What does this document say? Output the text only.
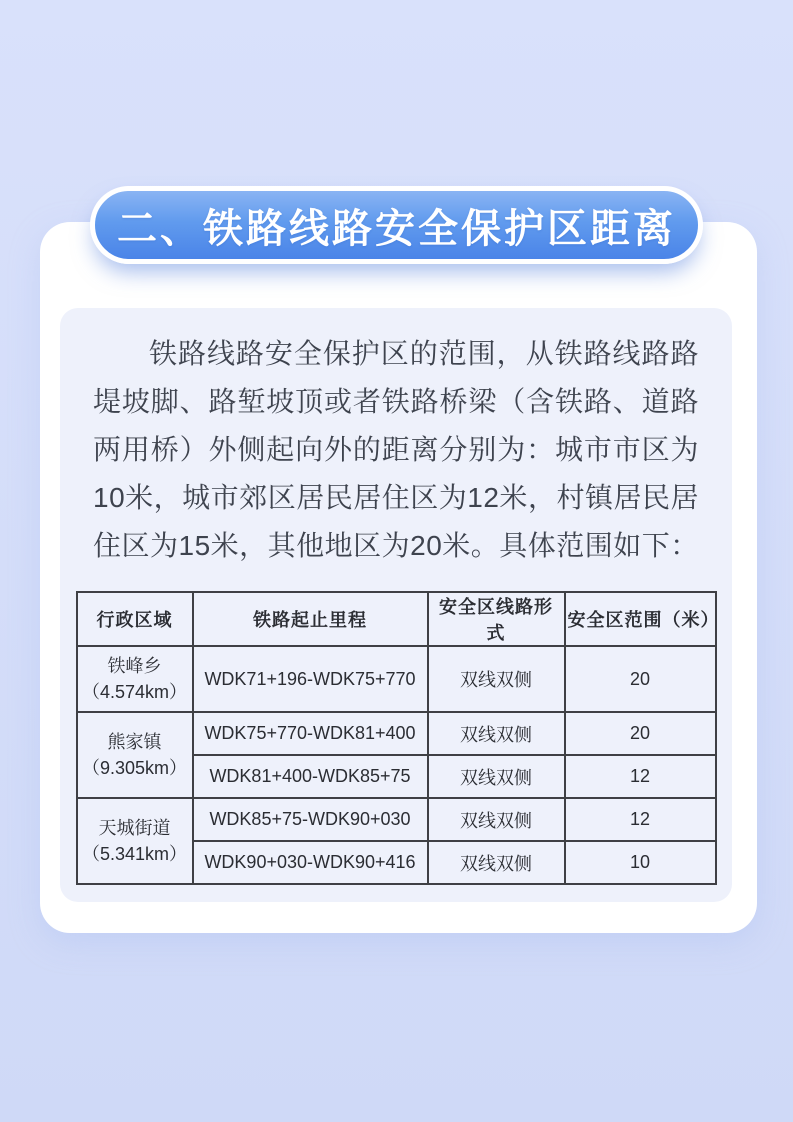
二、铁路线路安全保护区距离

铁路线路安全保护区的范围，从铁路线路路堤坡脚、路堑坡顶或者铁路桥梁（含铁路、道路两用桥）外侧起向外的距离分别为：城市市区为10米，城市郊区居民居住区为12米，村镇居民居住区为15米，其他地区为20米。具体范围如下：

行政区域	铁路起止里程	安全区线路形式	安全区范围（米）

铁峰乡
（4.574km）	WDK71+196-WDK75+770	双线双侧	20

熊家镇
（9.305km）	WDK75+770-WDK81+400	双线双侧	20
	WDK81+400-WDK85+75	双线双侧	12

天城街道
（5.341km）	WDK85+75-WDK90+030	双线双侧	12
	WDK90+030-WDK90+416	双线双侧	10
